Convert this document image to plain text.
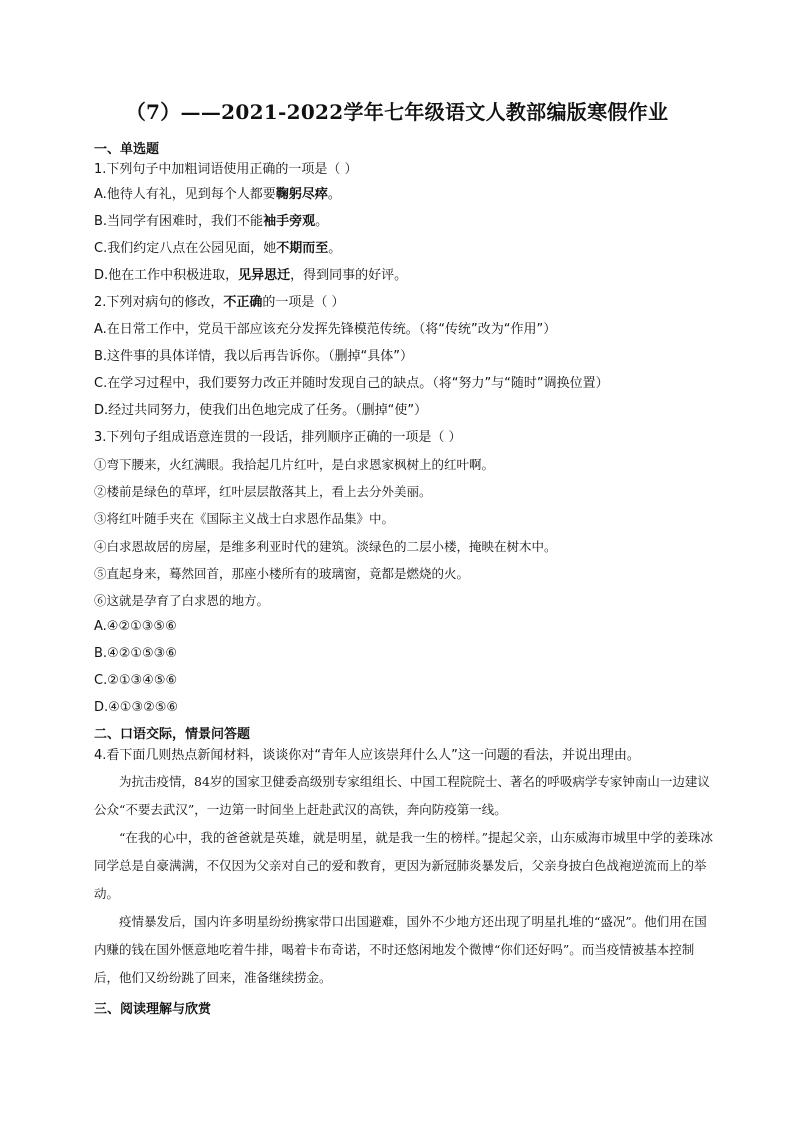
（7）——2021-2022学年七年级语文人教部编版寒假作业

一、单选题

1.下列句子中加粗词语使用正确的一项是（ ）

A.他待人有礼，见到每个人都要鞠躬尽瘁。

B.当同学有困难时，我们不能袖手旁观。

C.我们约定八点在公园见面，她不期而至。

D.他在工作中积极进取，见异思迁，得到同事的好评。

2.下列对病句的修改，不正确的一项是（ ）

A.在日常工作中，党员干部应该充分发挥先锋模范传统。（将“传统”改为“作用”）

B.这件事的具体详情，我以后再告诉你。（删掉“具体”）

C.在学习过程中，我们要努力改正并随时发现自己的缺点。（将“努力”与“随时”调换位置）

D.经过共同努力，使我们出色地完成了任务。（删掉“使”）

3.下列句子组成语意连贯的一段话，排列顺序正确的一项是（ ）

①弯下腰来，火红满眼。我拾起几片红叶，是白求恩家枫树上的红叶啊。

②楼前是绿色的草坪，红叶层层散落其上，看上去分外美丽。

③将红叶随手夹在《国际主义战士白求恩作品集》中。

④白求恩故居的房屋，是维多利亚时代的建筑。淡绿色的二层小楼，掩映在树木中。

⑤直起身来，蓦然回首，那座小楼所有的玻璃窗，竟都是燃烧的火。

⑥这就是孕育了白求恩的地方。

A.④②①③⑤⑥

B.④②①⑤③⑥

C.②①③④⑤⑥

D.④①③②⑤⑥

二、口语交际，情景问答题

4.看下面几则热点新闻材料，谈谈你对“青年人应该崇拜什么人”这一问题的看法，并说出理由。

为抗击疫情，84岁的国家卫健委高级别专家组组长、中国工程院院士、著名的呼吸病学专家钟南山一边建议公众“不要去武汉”，一边第一时间坐上赶赴武汉的高铁，奔向防疫第一线。

“在我的心中，我的爸爸就是英雄，就是明星，就是我一生的榜样。”提起父亲，山东威海市城里中学的姜珠冰同学总是自豪满满，不仅因为父亲对自己的爱和教育，更因为新冠肺炎暴发后，父亲身披白色战袍逆流而上的举动。

疫情暴发后，国内许多明星纷纷携家带口出国避难，国外不少地方还出现了明星扎堆的“盛况”。他们用在国内赚的钱在国外惬意地吃着牛排，喝着卡布奇诺，不时还悠闲地发个微博“你们还好吗”。而当疫情被基本控制后，他们又纷纷跳了回来，准备继续捞金。

三、阅读理解与欣赏
